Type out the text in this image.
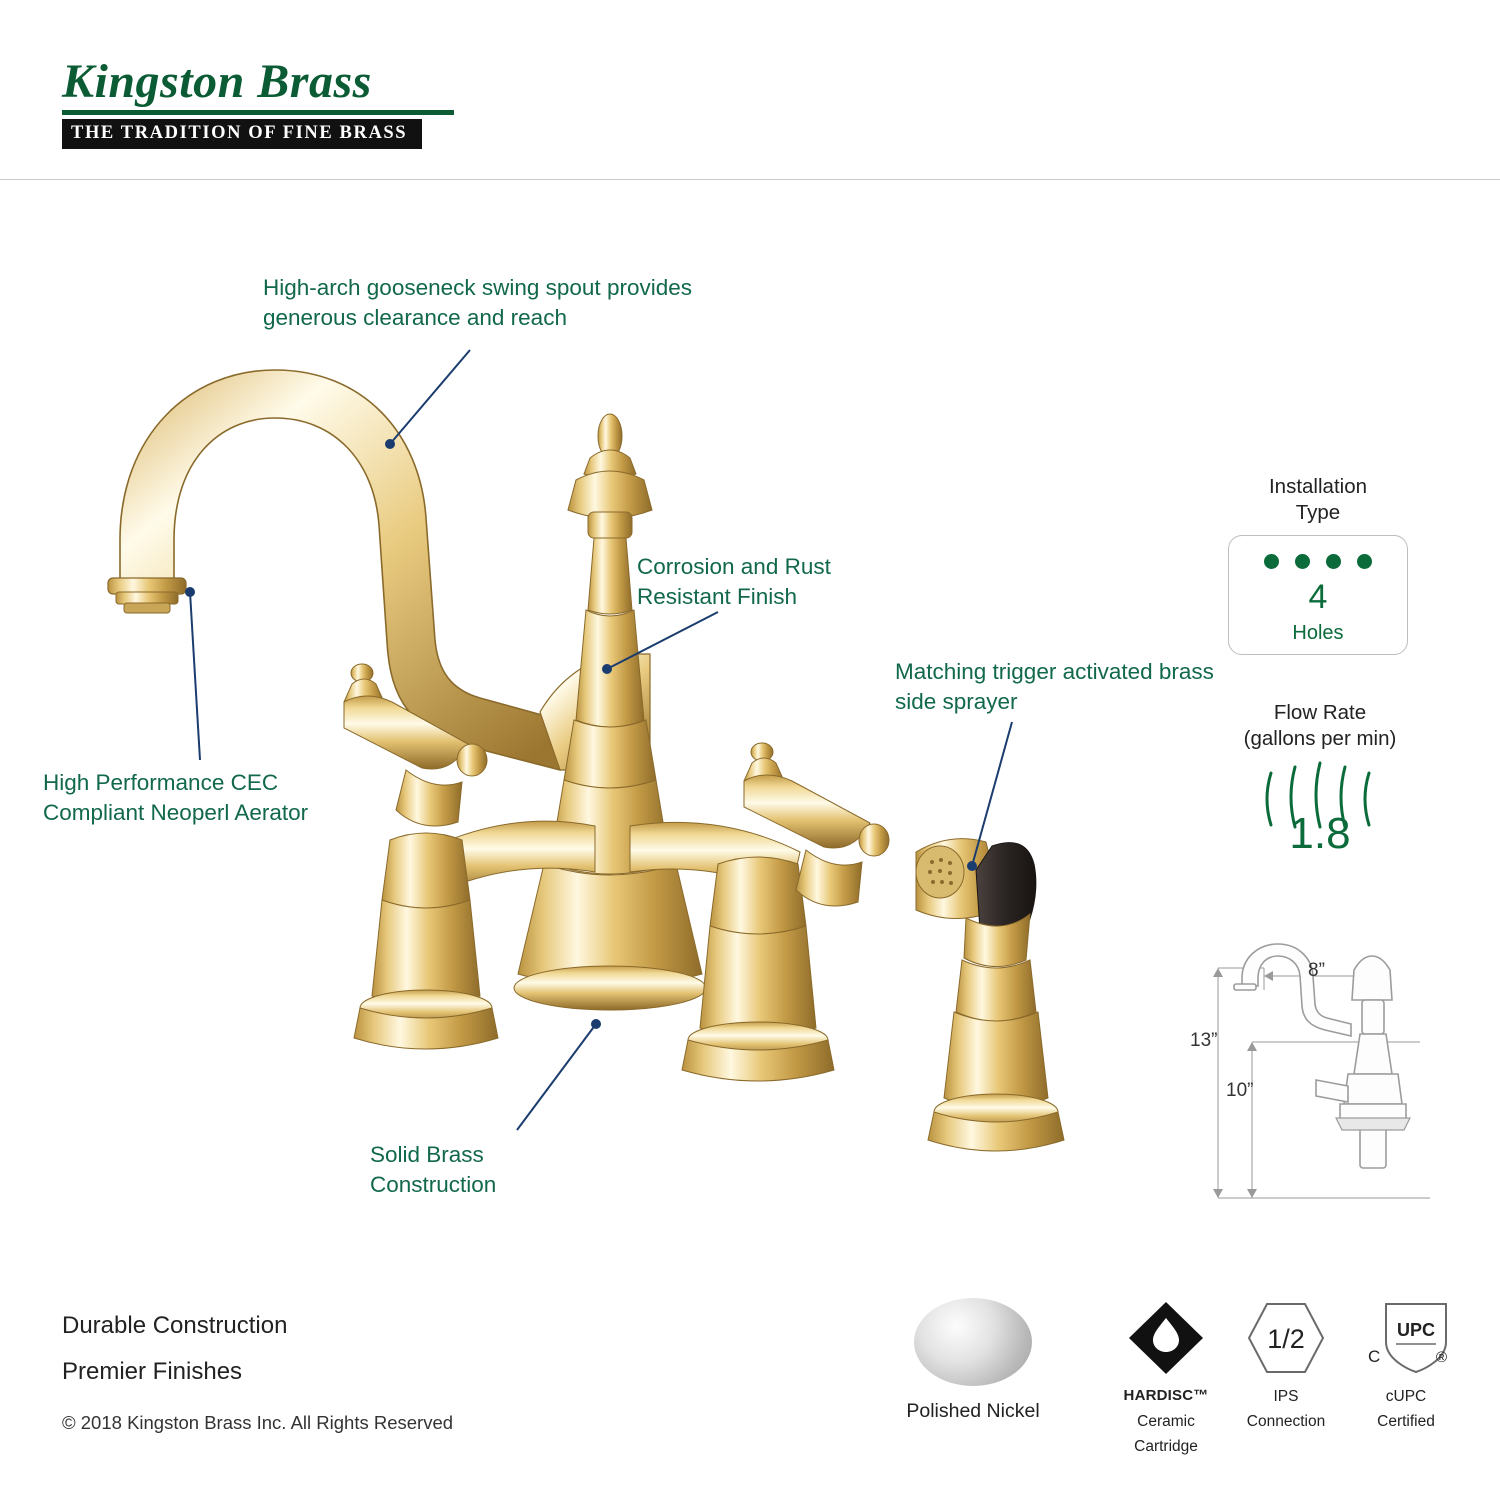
Kingston Brass
THE TRADITION OF FINE BRASS
High-arch gooseneck swing spout provides generous clearance and reach
Corrosion and Rust Resistant Finish
Matching trigger activated brass side sprayer
High Performance CEC Compliant Neoperl Aerator
Solid Brass Construction
Installation
Type
4
Holes
Flow Rate
(gallons per min)
1.8
13”
8”
10”
Durable Construction
Premier Finishes
© 2018 Kingston Brass Inc. All Rights Reserved
Polished Nickel
HARDISC™
Ceramic
Cartridge
1/2
IPS
Connection
UPC
C	®
cUPC
Certified
